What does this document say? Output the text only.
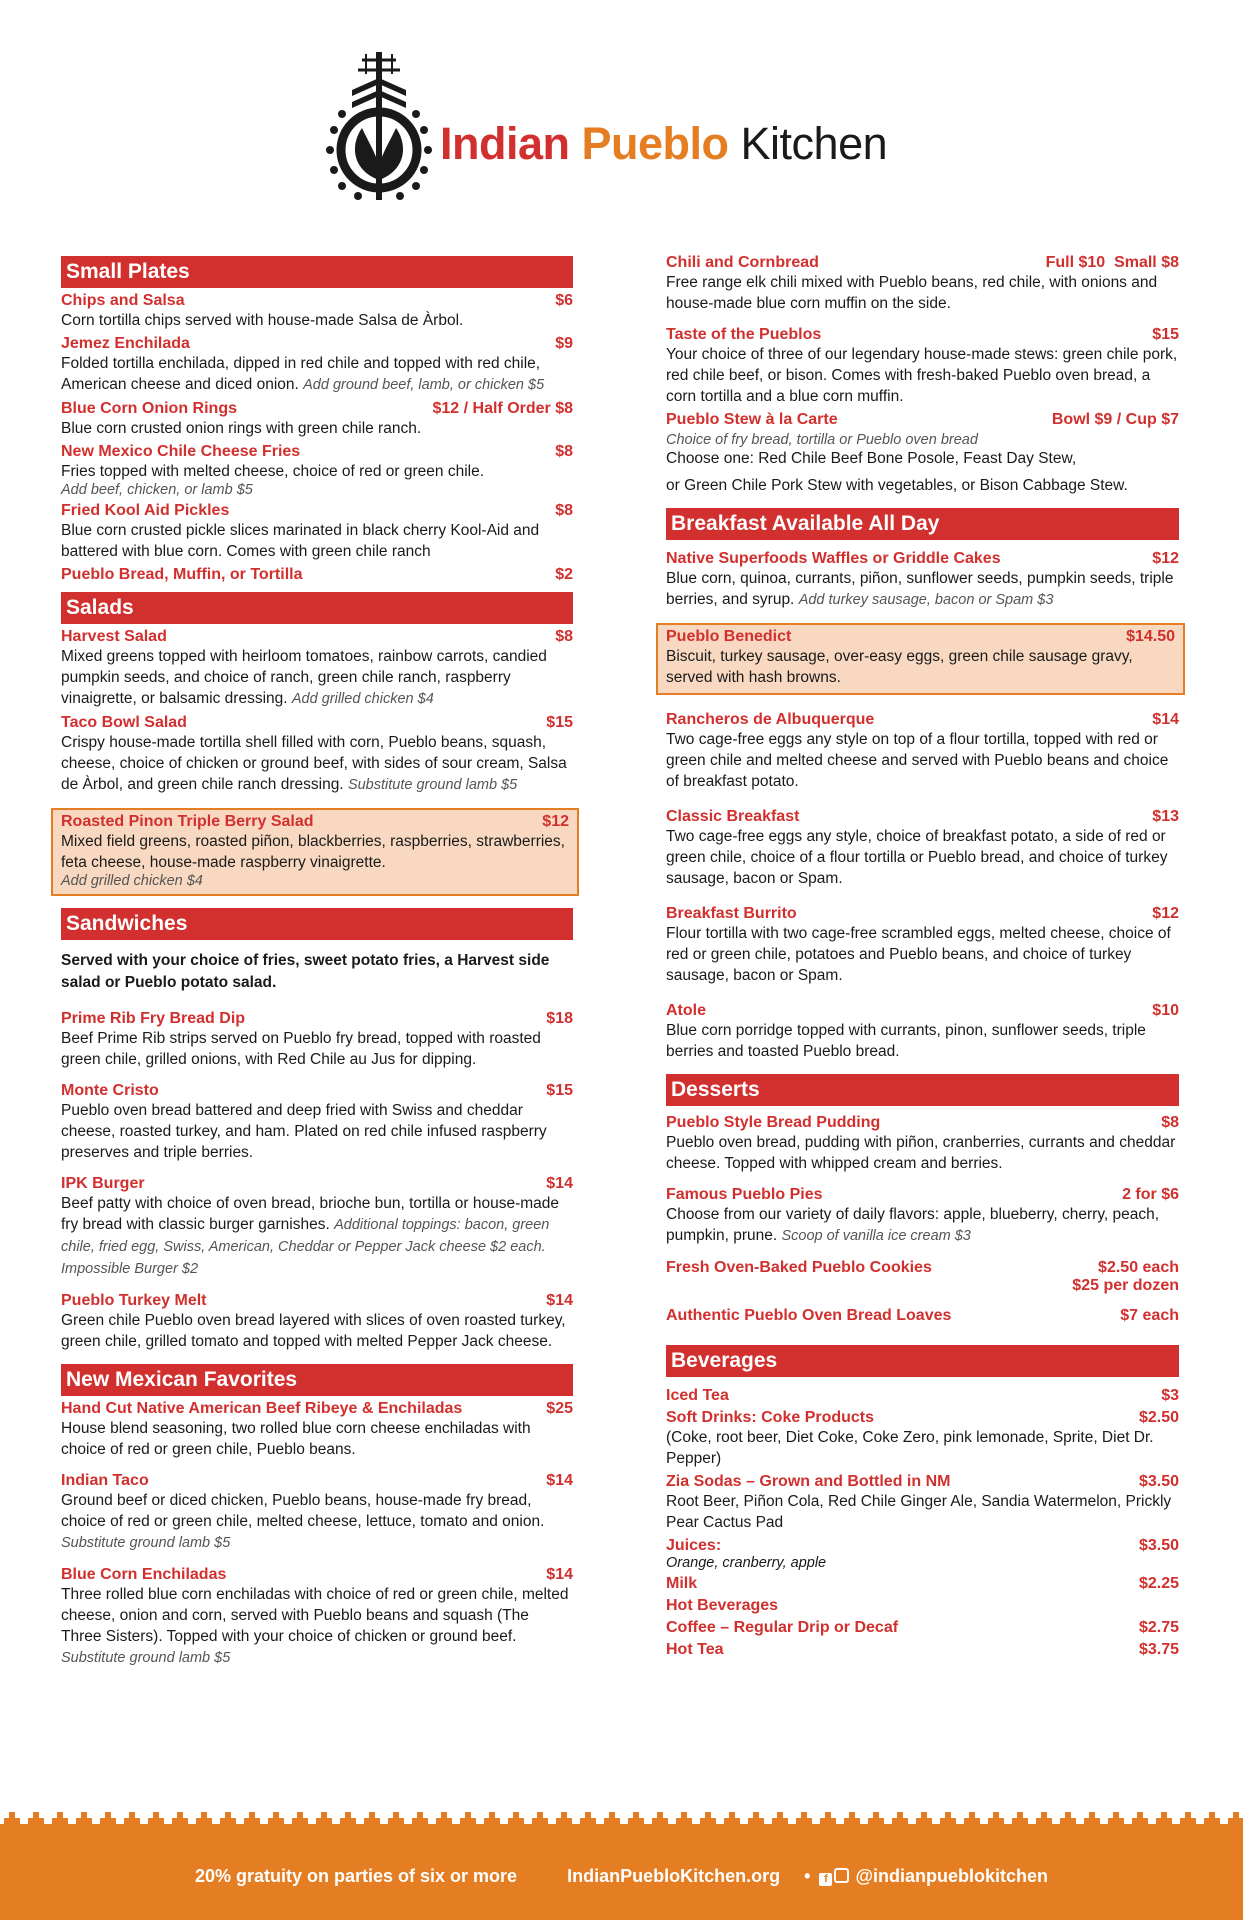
Indian Pueblo Kitchen
Small Plates
Chips and Salsa	$6
Corn tortilla chips served with house-made Salsa de Àrbol.
Jemez Enchilada	$9
Folded tortilla enchilada, dipped in red chile and topped with red chile, American cheese and diced onion. Add ground beef, lamb, or chicken $5
Blue Corn Onion Rings	$12 / Half Order $8
Blue corn crusted onion rings with green chile ranch.
New Mexico Chile Cheese Fries	$8
Fries topped with melted cheese, choice of red or green chile.
Add beef, chicken, or lamb $5
Fried Kool Aid Pickles	$8
Blue corn crusted pickle slices marinated in black cherry Kool-Aid and battered with blue corn. Comes with green chile ranch
Pueblo Bread, Muffin, or Tortilla	$2
Salads
Harvest Salad	$8
Mixed greens topped with heirloom tomatoes, rainbow carrots, candied pumpkin seeds, and choice of ranch, green chile ranch, raspberry vinaigrette, or balsamic dressing. Add grilled chicken $4
Taco Bowl Salad	$15
Crispy house-made tortilla shell filled with corn, Pueblo beans, squash, cheese, choice of chicken or ground beef, with sides of sour cream, Salsa de Àrbol, and green chile ranch dressing. Substitute ground lamb $5
Roasted Pinon Triple Berry Salad	$12
Mixed field greens, roasted piñon, blackberries, raspberries, strawberries, feta cheese, house-made raspberry vinaigrette.
Add grilled chicken $4
Sandwiches
Served with your choice of fries, sweet potato fries, a Harvest side salad or Pueblo potato salad.
Prime Rib Fry Bread Dip	$18
Beef Prime Rib strips served on Pueblo fry bread, topped with roasted green chile, grilled onions, with Red Chile au Jus for dipping.
Monte Cristo	$15
Pueblo oven bread battered and deep fried with Swiss and cheddar cheese, roasted turkey, and ham. Plated on red chile infused raspberry preserves and triple berries.
IPK Burger	$14
Beef patty with choice of oven bread, brioche bun, tortilla or house-made fry bread with classic burger garnishes. Additional toppings: bacon, green chile, fried egg, Swiss, American, Cheddar or Pepper Jack cheese $2 each. Impossible Burger $2
Pueblo Turkey Melt	$14
Green chile Pueblo oven bread layered with slices of oven roasted turkey, green chile, grilled tomato and topped with melted Pepper Jack cheese.
New Mexican Favorites
Hand Cut Native American Beef Ribeye & Enchiladas	$25
House blend seasoning, two rolled blue corn cheese enchiladas with choice of red or green chile, Pueblo beans.
Indian Taco	$14
Ground beef or diced chicken, Pueblo beans, house-made fry bread, choice of red or green chile, melted cheese, lettuce, tomato and onion. Substitute ground lamb $5
Blue Corn Enchiladas	$14
Three rolled blue corn enchiladas with choice of red or green chile, melted cheese, onion and corn, served with Pueblo beans and squash (The Three Sisters). Topped with your choice of chicken or ground beef. Substitute ground lamb $5
Chili and Cornbread	Full $10  Small $8
Free range elk chili mixed with Pueblo beans, red chile, with onions and house-made blue corn muffin on the side.
Taste of the Pueblos	$15
Your choice of three of our legendary house-made stews: green chile pork, red chile beef, or bison. Comes with fresh-baked Pueblo oven bread, a corn tortilla and a blue corn muffin.
Pueblo Stew à la Carte	Bowl $9 / Cup $7
Choice of fry bread, tortilla or Pueblo oven bread
Choose one: Red Chile Beef Bone Posole, Feast Day Stew,
or Green Chile Pork Stew with vegetables, or Bison Cabbage Stew.
Breakfast Available All Day
Native Superfoods Waffles or Griddle Cakes	$12
Blue corn, quinoa, currants, piñon, sunflower seeds, pumpkin seeds, triple berries, and syrup. Add turkey sausage, bacon or Spam $3
Pueblo Benedict	$14.50
Biscuit, turkey sausage, over-easy eggs, green chile sausage gravy, served with hash browns.
Rancheros de Albuquerque	$14
Two cage-free eggs any style on top of a flour tortilla, topped with red or green chile and melted cheese and served with Pueblo beans and choice of breakfast potato.
Classic Breakfast	$13
Two cage-free eggs any style, choice of breakfast potato, a side of red or green chile, choice of a flour tortilla or Pueblo bread, and choice of turkey sausage, bacon or Spam.
Breakfast Burrito	$12
Flour tortilla with two cage-free scrambled eggs, melted cheese, choice of red or green chile, potatoes and Pueblo beans, and choice of turkey sausage, bacon or Spam.
Atole	$10
Blue corn porridge topped with currants, pinon, sunflower seeds, triple berries and toasted Pueblo bread.
Desserts
Pueblo Style Bread Pudding	$8
Pueblo oven bread, pudding with piñon, cranberries, currants and cheddar cheese. Topped with whipped cream and berries.
Famous Pueblo Pies	2 for $6
Choose from our variety of daily flavors: apple, blueberry, cherry, peach, pumpkin, prune. Scoop of vanilla ice cream $3
Fresh Oven-Baked Pueblo Cookies	$2.50 each
$25 per dozen
Authentic Pueblo Oven Bread Loaves	$7 each
Beverages
Iced Tea	$3
Soft Drinks: Coke Products	$2.50
(Coke, root beer, Diet Coke, Coke Zero, pink lemonade, Sprite, Diet Dr. Pepper)
Zia Sodas – Grown and Bottled in NM	$3.50
Root Beer, Piñon Cola, Red Chile Ginger Ale, Sandia Watermelon, Prickly Pear Cactus Pad
Juices:	$3.50
Orange, cranberry, apple
Milk	$2.25
Hot Beverages
Coffee – Regular Drip or Decaf	$2.75
Hot Tea	$3.75
20% gratuity on parties of six or more	IndianPuebloKitchen.org • f @indianpueblokitchen
